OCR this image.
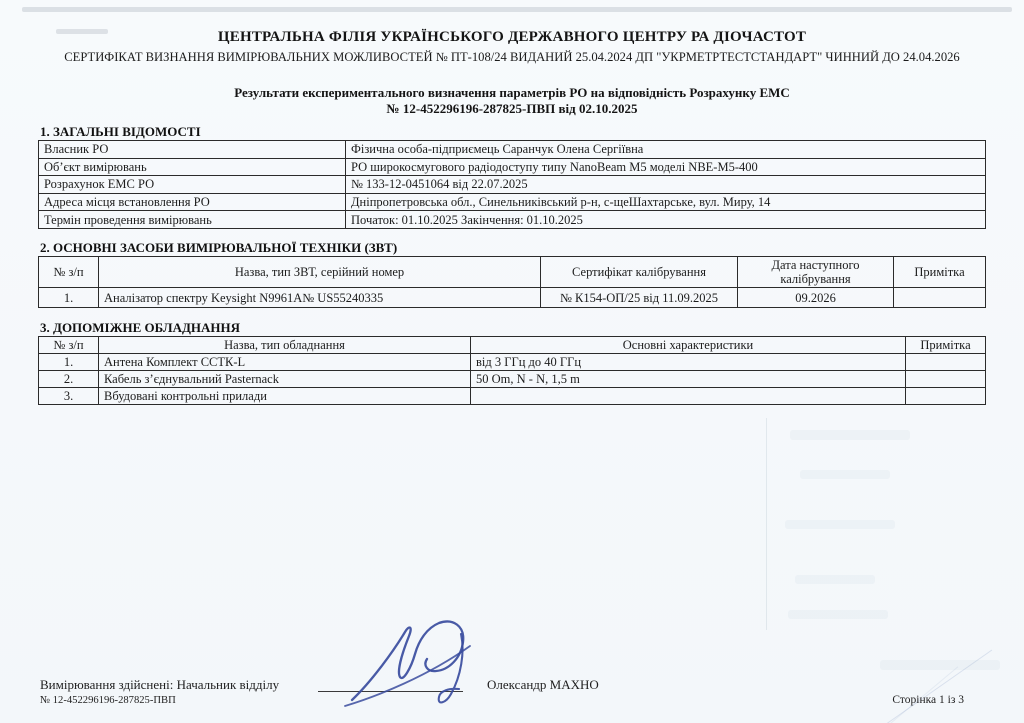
ЦЕНТРАЛЬНА ФІЛІЯ УКРАЇНСЬКОГО ДЕРЖАВНОГО ЦЕНТРУ РА ДІОЧАСТОТ
СЕРТИФІКАТ ВИЗНАННЯ ВИМІРЮВАЛЬНИХ МОЖЛИВОСТЕЙ № ПТ-108/24 ВИДАНИЙ 25.04.2024 ДП "УКРМЕТРТЕСТСТАНДАРТ" ЧИННИЙ ДО 24.04.2026
Результати експериментального визначення параметрів РО на відповідність Розрахунку ЕМС
№ 12-452296196-287825-ПВП від 02.10.2025
1. ЗАГАЛЬНІ ВІДОМОСТІ
Власник РО	Фізична особа-підприємець Саранчук Олена Сергіївна
Об’єкт вимірювань	РО широкосмугового радіодоступу типу NanoBeam M5 моделі NBE-M5-400
Розрахунок ЕМС РО	№ 133-12-0451064 від 22.07.2025
Адреса місця встановлення РО	Дніпропетровська обл., Синельниківський р-н, с-щеШахтарське, вул. Миру, 14
Термін проведення вимірювань	Початок: 01.10.2025 Закінчення: 01.10.2025
2. ОСНОВНІ ЗАСОБИ ВИМІРЮВАЛЬНОЇ ТЕХНІКИ (ЗВТ)
№ з/п	Назва, тип ЗВТ, серійний номер	Сертифікат калібрування	Дата наступного калібрування	Примітка
1.	Аналізатор спектру Keysight N9961A№ US55240335	№ К154-ОП/25 від 11.09.2025	09.2026	
3. ДОПОМІЖНЕ ОБЛАДНАННЯ
№ з/п	Назва, тип обладнання	Основні характеристики	Примітка
1.	Антена Комплект ССТК-L	від 3 ГГц до 40 ГГц	
2.	Кабель з’єднувальний Pasternack	50 Om, N - N, 1,5 m	
3.	Вбудовані контрольні прилади		
Вимірювання здійснені: Начальник відділу	Олександр МАХНО
№ 12-452296196-287825-ПВП	Сторінка 1 із 3
